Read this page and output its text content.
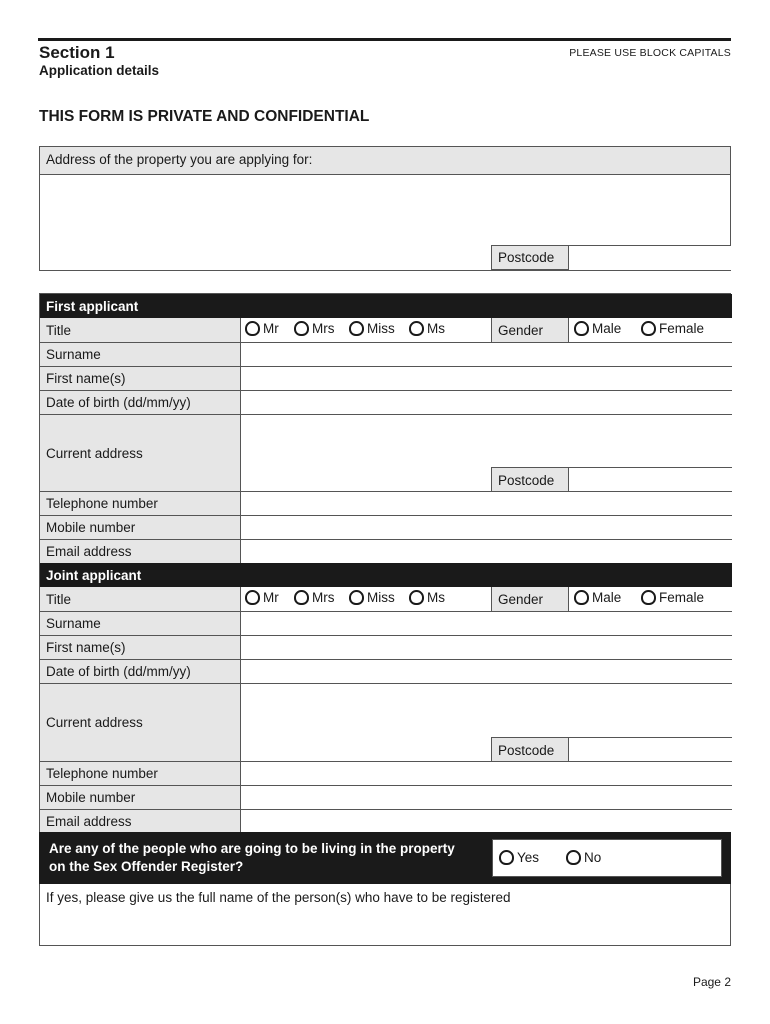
Section 1
Application details
PLEASE USE BLOCK CAPITALS
THIS FORM IS PRIVATE AND CONFIDENTIAL
Address of the property you are applying for:
Postcode
First applicant
Title	Mr Mrs Miss Ms	Gender	Male	Female
Surname
First name(s)
Date of birth (dd/mm/yy)
Current address
Postcode
Telephone number
Mobile number
Email address
Joint applicant
Title	Mr Mrs Miss Ms	Gender	Male	Female
Surname
First name(s)
Date of birth (dd/mm/yy)
Current address
Postcode
Telephone number
Mobile number
Email address
Are any of the people who are going to be living in the property on the Sex Offender Register?
Yes	No
If yes, please give us the full name of the person(s) who have to be registered
Page 2
